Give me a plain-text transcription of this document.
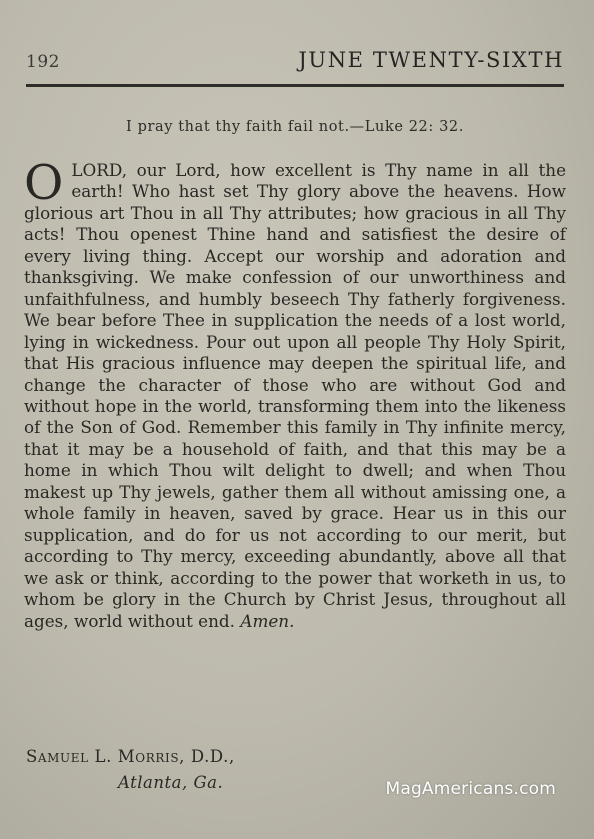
192	JUNE TWENTY-SIXTH
I pray that thy faith fail not.—Luke 22: 32.
O LORD, our Lord, how excellent is Thy name in all the earth! Who hast set Thy glory above the heavens. How glorious art Thou in all Thy attributes; how gracious in all Thy acts! Thou openest Thine hand and satisfiest the desire of every living thing. Accept our worship and adoration and thanksgiving. We make confession of our unworthiness and unfaithfulness, and humbly beseech Thy fatherly forgiveness. We bear before Thee in supplication the needs of a lost world, lying in wickedness. Pour out upon all people Thy Holy Spirit, that His gracious influence may deepen the spiritual life, and change the character of those who are without God and without hope in the world, transforming them into the likeness of the Son of God. Remember this family in Thy infinite mercy, that it may be a household of faith, and that this may be a home in which Thou wilt delight to dwell; and when Thou makest up Thy jewels, gather them all without amissing one, a whole family in heaven, saved by grace. Hear us in this our supplication, and do for us not according to our merit, but according to Thy mercy, exceeding abundantly, above all that we ask or think, according to the power that worketh in us, to whom be glory in the Church by Christ Jesus, throughout all ages, world without end. Amen.
Samuel L. Morris, D.D.,
Atlanta, Ga.	MagAmericans.com
